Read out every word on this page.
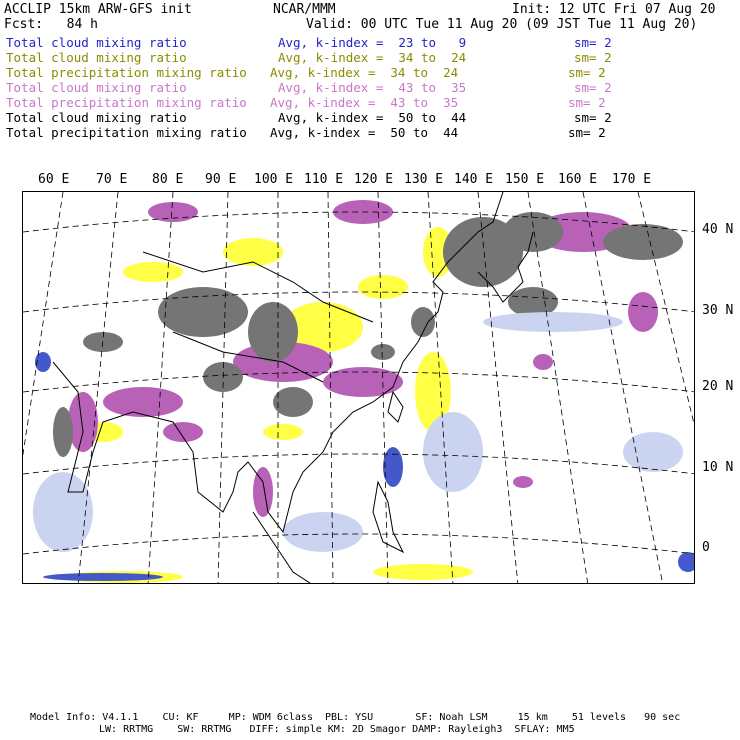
ACCLIP 15km ARW-GFS init	NCAR/MMM	Init: 12 UTC Fri 07 Aug 20
Fcst:   84 h	Valid: 00 UTC Tue 11 Aug 20 (09 JST Tue 11 Aug 20)
Total cloud mixing ratio	Avg, k-index =  23 to   9	sm= 2
Total cloud mixing ratio	Avg, k-index =  34 to  24	sm= 2
Total precipitation mixing ratio Avg, k-index =  34 to  24	sm= 2
Total cloud mixing ratio	Avg, k-index =  43 to  35	sm= 2
Total precipitation mixing ratio Avg, k-index =  43 to  35	sm= 2
Total cloud mixing ratio	Avg, k-index =  50 to  44	sm= 2
Total precipitation mixing ratio Avg, k-index =  50 to  44	sm= 2
60 E 70 E 80 E 90 E 100 E 110 E 120 E 130 E 140 E 150 E 160 E 170 E
40 N
30 N
20 N
10 N
0
Model Info: V4.1.1    CU: KF     MP: WDM 6class  PBL: YSU       SF: Noah LSM     15 km    51 levels   90 sec
LW: RRTMG    SW: RRTMG   DIFF: simple KM: 2D Smagor DAMP: Rayleigh3  SFLAY: MM5
